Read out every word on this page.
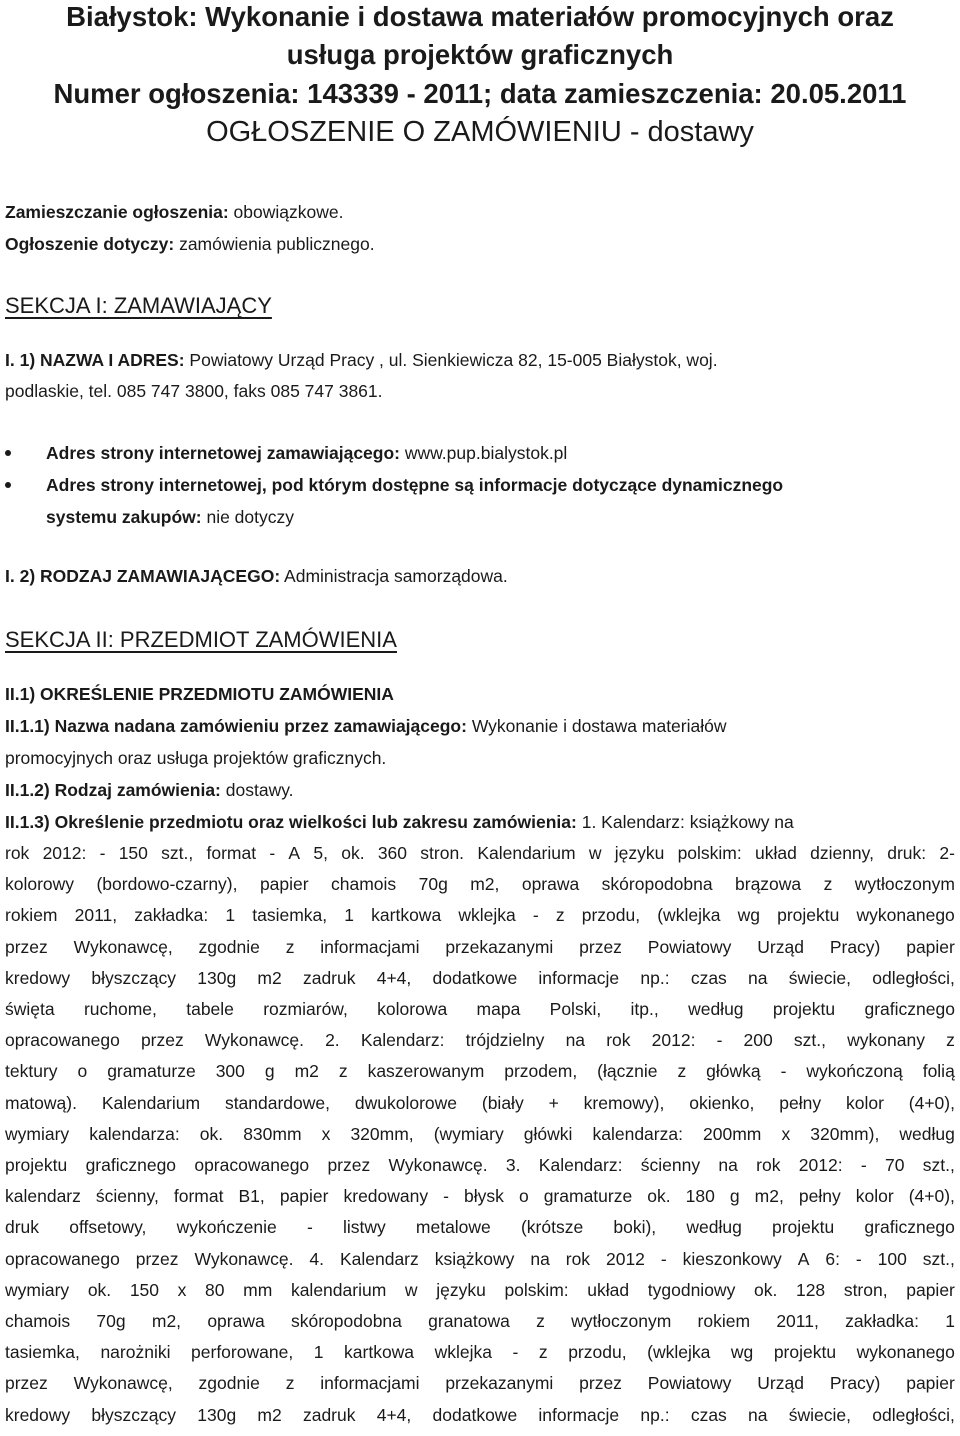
Białystok: Wykonanie i dostawa materiałów promocyjnych oraz
usługa projektów graficznych
Numer ogłoszenia: 143339 - 2011; data zamieszczenia: 20.05.2011
OGŁOSZENIE O ZAMÓWIENIU - dostawy
Zamieszczanie ogłoszenia: obowiązkowe.
Ogłoszenie dotyczy: zamówienia publicznego.
SEKCJA I: ZAMAWIAJĄCY
I. 1) NAZWA I ADRES: Powiatowy Urząd Pracy , ul. Sienkiewicza 82, 15-005 Białystok, woj.
podlaskie, tel. 085 747 3800, faks 085 747 3861.
Adres strony internetowej zamawiającego: www.pup.bialystok.pl
Adres strony internetowej, pod którym dostępne są informacje dotyczące dynamicznego
systemu zakupów: nie dotyczy
I. 2) RODZAJ ZAMAWIAJĄCEGO: Administracja samorządowa.
SEKCJA II: PRZEDMIOT ZAMÓWIENIA
II.1) OKREŚLENIE PRZEDMIOTU ZAMÓWIENIA
II.1.1) Nazwa nadana zamówieniu przez zamawiającego: Wykonanie i dostawa materiałów
promocyjnych oraz usługa projektów graficznych.
II.1.2) Rodzaj zamówienia: dostawy.
II.1.3) Określenie przedmiotu oraz wielkości lub zakresu zamówienia: 1. Kalendarz: książkowy na
rok 2012: - 150 szt., format - A 5, ok. 360 stron. Kalendarium w języku polskim: układ dzienny, druk: 2-
kolorowy (bordowo-czarny), papier chamois 70g m2, oprawa skóropodobna brązowa z wytłoczonym
rokiem 2011, zakładka: 1 tasiemka, 1 kartkowa wklejka - z przodu, (wklejka wg projektu wykonanego
przez Wykonawcę, zgodnie z informacjami przekazanymi przez Powiatowy Urząd Pracy) papier
kredowy błyszczący 130g m2 zadruk 4+4, dodatkowe informacje np.: czas na świecie, odległości,
święta ruchome, tabele rozmiarów, kolorowa mapa Polski, itp., według projektu graficznego
opracowanego przez Wykonawcę. 2. Kalendarz: trójdzielny na rok 2012: - 200 szt., wykonany z
tektury o gramaturze 300 g m2 z kaszerowanym przodem, (łącznie z główką - wykończoną folią
matową). Kalendarium standardowe, dwukolorowe (biały + kremowy), okienko, pełny kolor (4+0),
wymiary kalendarza: ok. 830mm x 320mm, (wymiary główki kalendarza: 200mm x 320mm), według
projektu graficznego opracowanego przez Wykonawcę. 3. Kalendarz: ścienny na rok 2012: - 70 szt.,
kalendarz ścienny, format B1, papier kredowany - błysk o gramaturze ok. 180 g m2, pełny kolor (4+0),
druk offsetowy, wykończenie - listwy metalowe (krótsze boki), według projektu graficznego
opracowanego przez Wykonawcę. 4. Kalendarz książkowy na rok 2012 - kieszonkowy A 6: - 100 szt.,
wymiary ok. 150 x 80 mm kalendarium w języku polskim: układ tygodniowy ok. 128 stron, papier
chamois 70g m2, oprawa skóropodobna granatowa z wytłoczonym rokiem 2011, zakładka: 1
tasiemka, narożniki perforowane, 1 kartkowa wklejka - z przodu, (wklejka wg projektu wykonanego
przez Wykonawcę, zgodnie z informacjami przekazanymi przez Powiatowy Urząd Pracy) papier
kredowy błyszczący 130g m2 zadruk 4+4, dodatkowe informacje np.: czas na świecie, odległości,
